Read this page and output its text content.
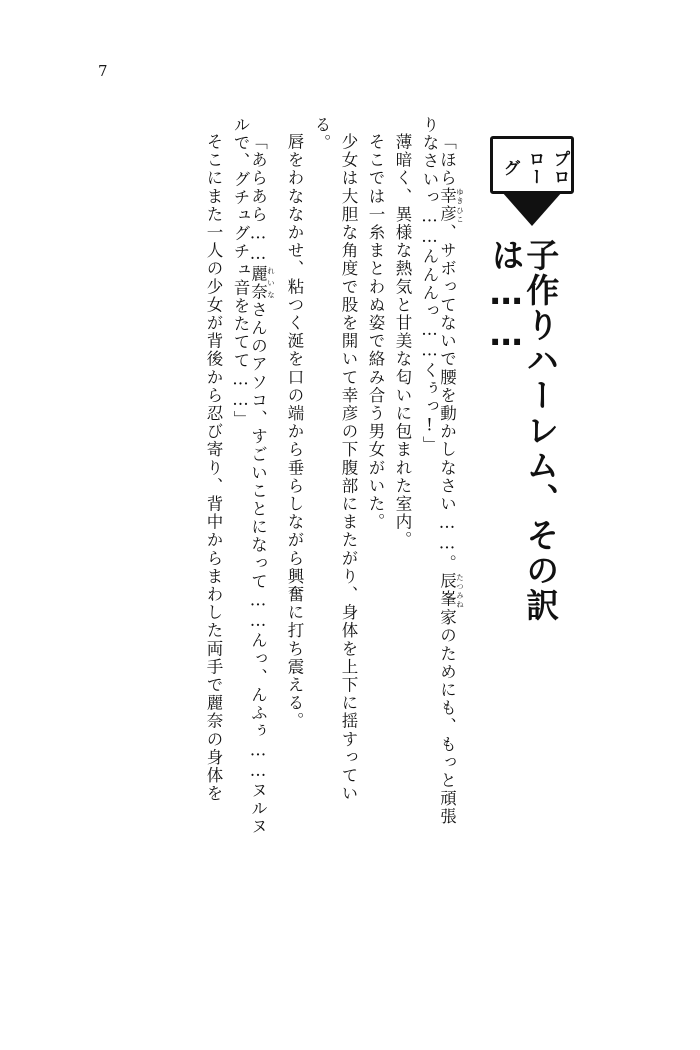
7
プロローグ
子作りハーレム、その訳は……
「ほら幸彦 ゆきひこ、サボってないで腰を動かしなさい……。辰峯 たつみね家のためにも、もっと頑張
りなさいっ……んんんっ……くぅっ!」
薄暗く、異様な熱気と甘美な匂いに包まれた室内。
そこでは一糸まとわぬ姿で絡み合う男女がいた。
少女は大胆な角度で股を開いて幸彦の下腹部にまたがり、身体を上下に揺すってい
る。
唇をわななかせ、粘つく涎を口の端から垂らしながら興奮に打ち震える。
「あらあら……麗奈 れいなさんのアソコ、すごいことになって……んっ、んふぅ……ヌルヌ
ルで、グチュグチュ音をたてて……」
そこにまた一人の少女が背後から忍び寄り、背中からまわした両手で麗奈の身体を
